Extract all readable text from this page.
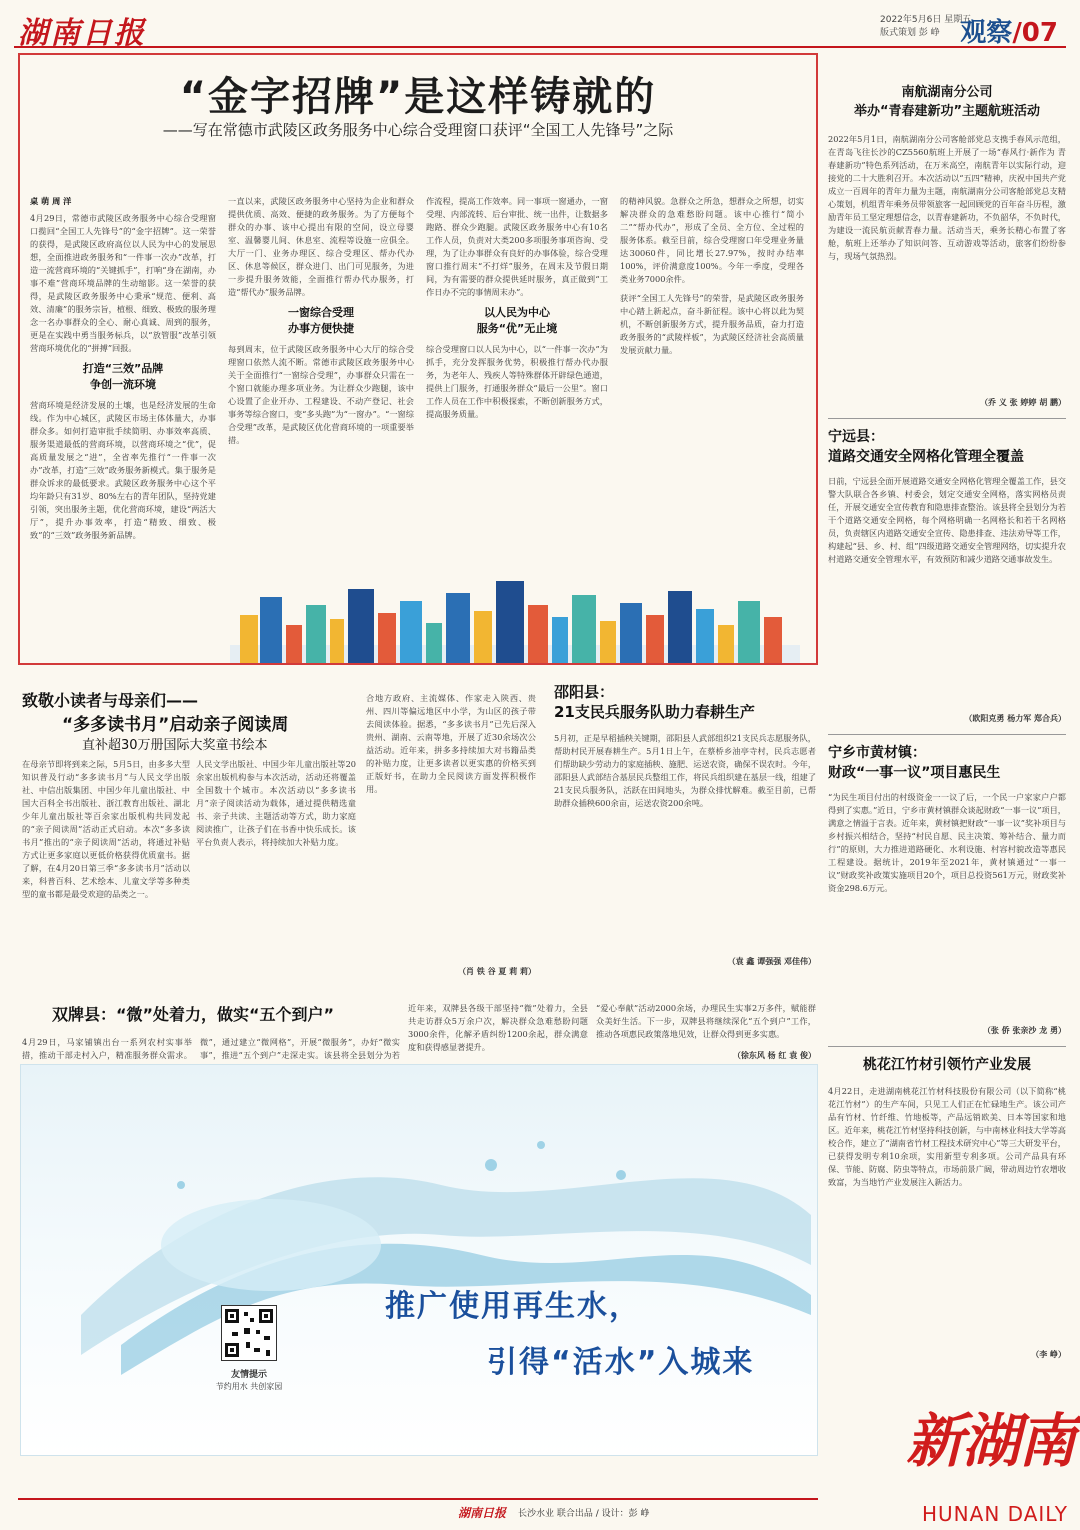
湖南日报	2022年5月6日 星期五
版式策划 彭 峥 观察/07
“金字招牌”是这样铸就的
——写在常德市武陵区政务服务中心综合受理窗口获评“全国工人先锋号”之际
桌 萌 周 洋

4月29日，常德市武陵区政务服务中心综合受理窗口揽回“全国工人先锋号”的“金字招牌”。这一荣誉的获得，是武陵区政府高位以人民为中心的发展思想，全面推进政务服务和“一件事一次办”改革，打造一流营商环境的“关键抓手”，打响“身在湖南，办事不难”营商环境品牌的生动缩影。这一荣誉的获得，是武陵区政务服务中心秉承“规范、便利、高效、清廉”的服务宗旨，植根、细致、极致的服务理念一名办事群众的全心、耐心真诚、周到的服务，更是在实践中勇当服务标兵，以“放管服”改革引领营商环境优化的“拼搏”回报。

打造“三效”品牌
争创一流环境

营商环境是经济发展的土壤，也是经济发展的生命线。作为中心城区，武陵区市场主体体量大，办事群众多。如何打造审批手续简明、办事效率高质、服务渠道最低的营商环境，以营商环境之“优”，促高质量发展之“进”，全省率先推行“一件事一次办”改革，打造“三效”政务服务新模式。集于服务是群众诉求的最低要求。武陵区政务服务中心这个平均年龄只有31岁、80%左右的青年团队，坚持党建引领，突出服务主题，优化营商环境，建设“两活大厅”，提升办事效率，打造“精致、细致、极致”的“三效”政务服务新品牌。

一直以来，武陵区政务服务中心坚持为企业和群众提供优质、高效、便捷的政务服务。为了方便每个群众的办事、该中心提出有限的空间，设立母婴室、温馨婴儿间、休息室、流程等设施一应俱全。大厅一门、业务办理区、综合受理区、帮办代办区、休息等候区，群众进门、出门可见服务，为进一步提升服务效能，全面推行帮办代办服务，打造“帮代办”服务品牌。

一窗综合受理
办事方便快捷

每到周末，位于武陵区政务服务中心大厅的综合受理窗口依然人流不断。常德市武陵区政务服务中心关于全面推行“一窗综合受理”，办事群众只需在一个窗口就能办理多项业务。为让群众少跑腿，该中心设置了企业开办、工程建设、不动产登记、社会事务等综合窗口，变“多头跑”为“一窗办”。“一窗综合受理”改革，是武陵区优化营商环境的一项重要举措。

作流程，提高工作效率。同一事项一窗通办，一窗受理、内部流转、后台审批、统一出件，让数据多跑路、群众少跑腿。武陵区政务服务中心有10名工作人员，负责对大类200多项服务事项咨询、受理，为了让办事群众有良好的办事体验，综合受理窗口推行周末“不打烊”服务，在周末及节假日期间，为有需要的群众提供延时服务，真正做到“工作日办不完的事情周末办”。

以人民为中心
服务“优”无止境

综合受理窗口以人民为中心，以“一件事一次办”为抓手，充分发挥服务优势，积极推行帮办代办服务，为老年人、残疾人等特殊群体开辟绿色通道，提供上门服务，打通服务群众“最后一公里”。窗口工作人员在工作中积极探索，不断创新服务方式，提高服务质量。

的精神风貌。急群众之所急，想群众之所想，切实解决群众的急难愁盼问题。该中心推行“简小二”“帮办代办”，形成了全员、全方位、全过程的服务体系。截至目前，综合受理窗口年受理业务量达30060件，同比增长27.97%，按时办结率100%，评价满意度100%。今年一季度，受理各类业务7000余件。

获评“全国工人先锋号”的荣誉，是武陵区政务服务中心踏上新起点，奋斗新征程。该中心将以此为契机，不断创新服务方式，提升服务品质，奋力打造政务服务的“武陵样板”，为武陵区经济社会高质量发展贡献力量。

南航湖南分公司
举办“青春建新功”主题航班活动

2022年5月1日，南航湖南分公司客舱部党总支携手春风示范组，在青岛飞往长沙的CZ5560航班上开展了一场“春风行·新作为 青春建新功”特色系列活动，在万米高空，南航青年以实际行动，迎接党的二十大胜利召开。本次活动以“五四”精神，庆祝中国共产党成立一百周年的青年力量为主题，南航湖南分公司客舱部党总支精心策划，机组青年乘务员带领旅客一起回顾党的百年奋斗历程，激励青年员工坚定理想信念，以青春建新功，不负韶华，不负时代，为建设一流民航贡献青春力量。活动当天，乘务长精心布置了客舱，航班上还举办了知识问答、互动游戏等活动，旅客们纷纷参与，现场气氛热烈。

（乔 义 张 婷婷 胡 鹏）
宁远县：
道路交通安全网格化管理全覆盖

日前，宁远县全面开展道路交通安全网格化管理全覆盖工作，县交警大队联合各乡镇、村委会，划定交通安全网格，落实网格员责任，开展交通安全宣传教育和隐患排查整治。该县将全县划分为若干个道路交通安全网格，每个网格明确一名网格长和若干名网格员，负责辖区内道路交通安全宣传、隐患排查、违法劝导等工作，构建起“县、乡、村、组”四级道路交通安全管理网络，切实提升农村道路交通安全管理水平，有效预防和减少道路交通事故发生。

（欧阳克勇 杨力军 郑合兵）
宁乡市黄材镇：
财政“一事一议”项目惠民生

“为民生项目付出的村级资金一一议了后，一个民一户家家户户都得到了实惠。”近日，宁乡市黄材镇群众谈起财政“一事一议”项目，满意之情溢于言表。近年来，黄材镇把财政“一事一议”奖补项目与乡村振兴相结合，坚持“村民自愿、民主决策、筹补结合、量力而行”的原则，大力推进道路硬化、水利设施、村容村貌改造等惠民工程建设。据统计，2019年至2021年，黄材镇通过“一事一议”财政奖补政策实施项目20个，项目总投资561万元，财政奖补资金298.6万元。

（张 侨 张亲沙 龙 勇）
桃花江竹材引领竹产业发展

4月22日，走进湖南桃花江竹材科技股份有限公司（以下简称“桃花江竹材”）的生产车间，只见工人们正在忙碌地生产。该公司产品有竹材、竹纤维、竹地板等，产品远销欧美、日本等国家和地区。近年来，桃花江竹材坚持科技创新，与中南林业科技大学等高校合作，建立了“湖南省竹材工程技术研究中心”等三大研发平台，已获得发明专利10余项，实用新型专利多项。公司产品具有环保、节能、防腐、防虫等特点，市场前景广阔，带动周边竹农增收致富，为当地竹产业发展注入新活力。

（李 峥）
致敬小读者与母亲们——
“多多读书月”启动亲子阅读周
直补超30万册国际大奖童书绘本

在母亲节即将到来之际，5月5日，由多多大型知识普及行动“多多读书月”与人民文学出版社、中信出版集团、中国少年儿童出版社、中国大百科全书出版社、浙江教育出版社、湖北少年儿童出版社等百余家出版机构共同发起的“亲子阅读周”活动正式启动。本次“多多读书月”推出的“亲子阅读周”活动，将通过补贴方式让更多家庭以更低价格获得优质童书。据了解，在4月20日第三季“多多读书月”活动以来，科普百科、艺术绘本、儿童文学等多种类型的童书都是最受欢迎的品类之一。

人民文学出版社、中国少年儿童出版社等20余家出版机构参与本次活动，活动还将覆盖全国数十个城市。本次活动以“多多读书月”亲子阅读活动为载体，通过提供精选童书、亲子共读、主题活动等方式，助力家庭阅读推广，让孩子们在书香中快乐成长。该平台负责人表示，将持续加大补贴力度。

合地方政府、主流媒体、作家走入陕西、贵州、四川等偏远地区中小学，为山区的孩子带去阅读体验。据悉，“多多读书月”已先后深入贵州、湖南、云南等地，开展了近30余场次公益活动。近年来，拼多多持续加大对书籍品类的补贴力度，让更多读者以更实惠的价格买到正版好书，在助力全民阅读方面发挥积极作用。

（肖 铁 谷 夏 莉 莉）
邵阳县：
21支民兵服务队助力春耕生产

5月初，正是早稻插秧关键期，邵阳县人武部组织21支民兵志愿服务队，帮助村民开展春耕生产。5月1日上午，在蔡桥乡油亭寺村，民兵志愿者们帮助缺少劳动力的家庭插秧、施肥、运送农资，确保不误农时。今年，邵阳县人武部结合基层民兵整组工作，将民兵组织建在基层一线，组建了21支民兵服务队，活跃在田间地头，为群众排忧解难。截至目前，已帮助群众插秧600余亩，运送农资200余吨。

（袁 鑫 谭强强 邓佳伟）
双牌县：“微”处着力，做实“五个到户”

4月29日，马家铺镇出台一系列农村实事举措，推动干部走村入户，精准服务群众需求。

微”，通过建立“微网格”，开展“微服务”，办好“微实事”，推进“五个到户”走深走实。该县将全县划分为若

近年来，双牌县各级干部坚持“微”处着力，全县共走访群众5万余户次，解决群众急难愁盼问题3000余件，化解矛盾纠纷1200余起，群众满意度和获得感显著提升。

“爱心奉献”活动2000余场，办理民生实事2万多件，赋能群众美好生活。下一步，双牌县将继续深化“五个到户”工作，推动各项惠民政策落地见效，让群众得到更多实惠。

（徐东风 杨 红 袁 俊）
推广使用再生水，
引得“活水”入城来
友情提示
节约用水 共创家园
湖南日报 长沙水业 联合出品 / 设计：彭 峥
新湖南
HUNAN DAILY
